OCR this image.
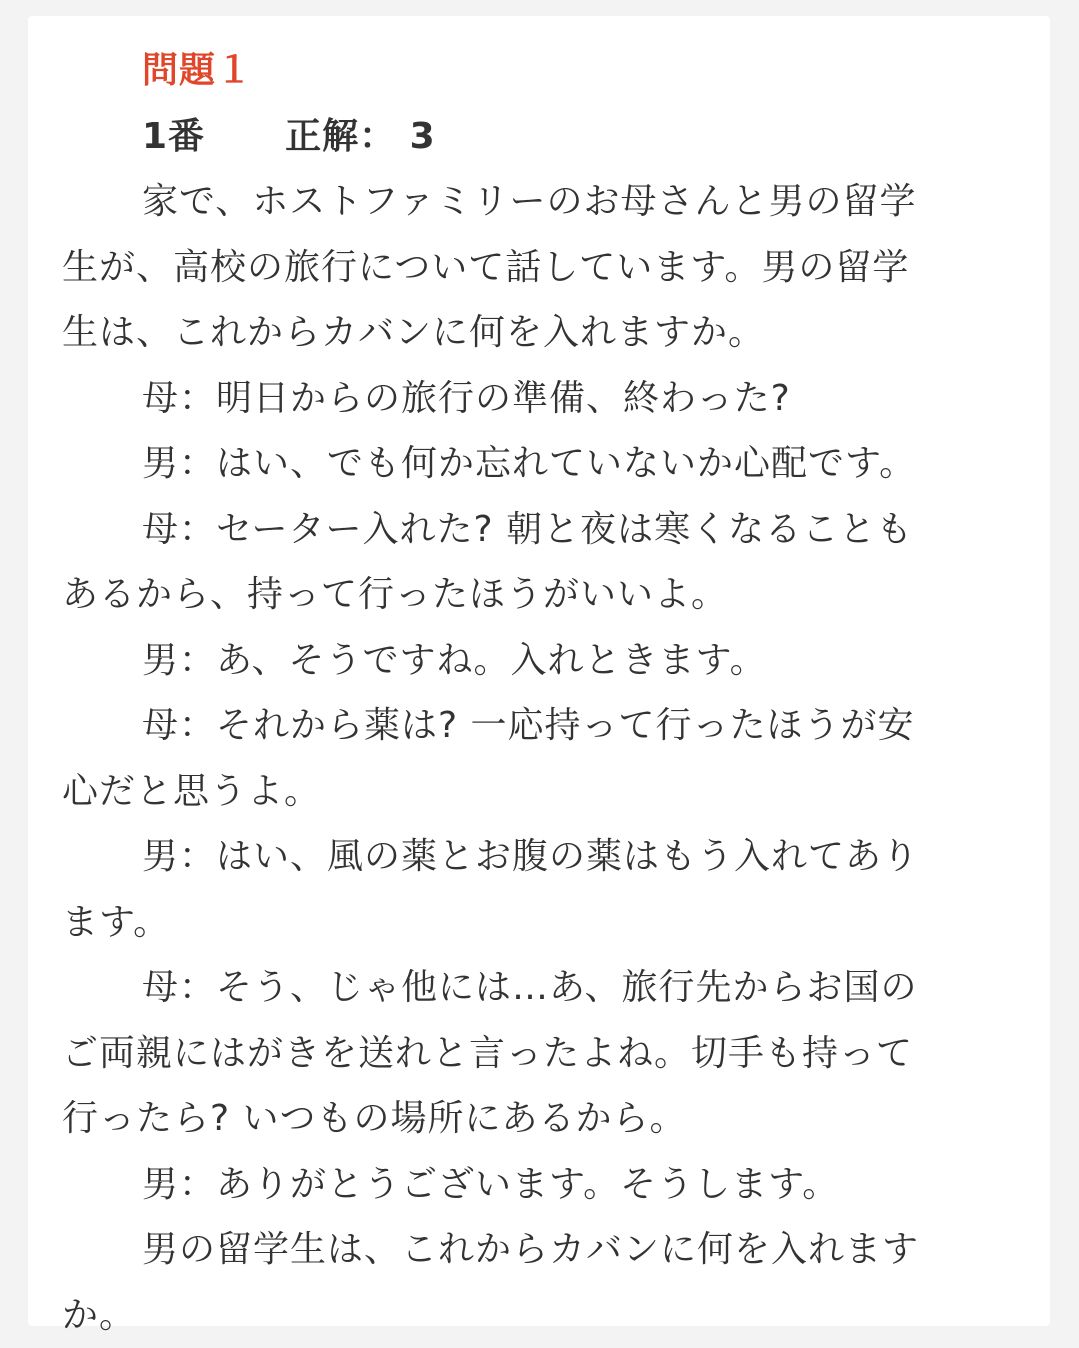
問題１

1番 正解： 3

家で、ホストファミリーのお母さんと男の留学

生が、高校の旅行について話しています。男の留学

生は、これからカバンに何を入れますか。

母：明日からの旅行の準備、終わった?

男：はい、でも何か忘れていないか心配です。

母：セーター入れた? 朝と夜は寒くなることも

あるから、持って行ったほうがいいよ。

男：あ、そうですね。入れときます。

母：それから薬は? 一応持って行ったほうが安

心だと思うよ。

男：はい、風の薬とお腹の薬はもう入れてあり

ます。

母：そう、じゃ他には…あ、旅行先からお国の

ご両親にはがきを送れと言ったよね。切手も持って

行ったら? いつもの場所にあるから。

男：ありがとうございます。そうします。

男の留学生は、これからカバンに何を入れます

か。
